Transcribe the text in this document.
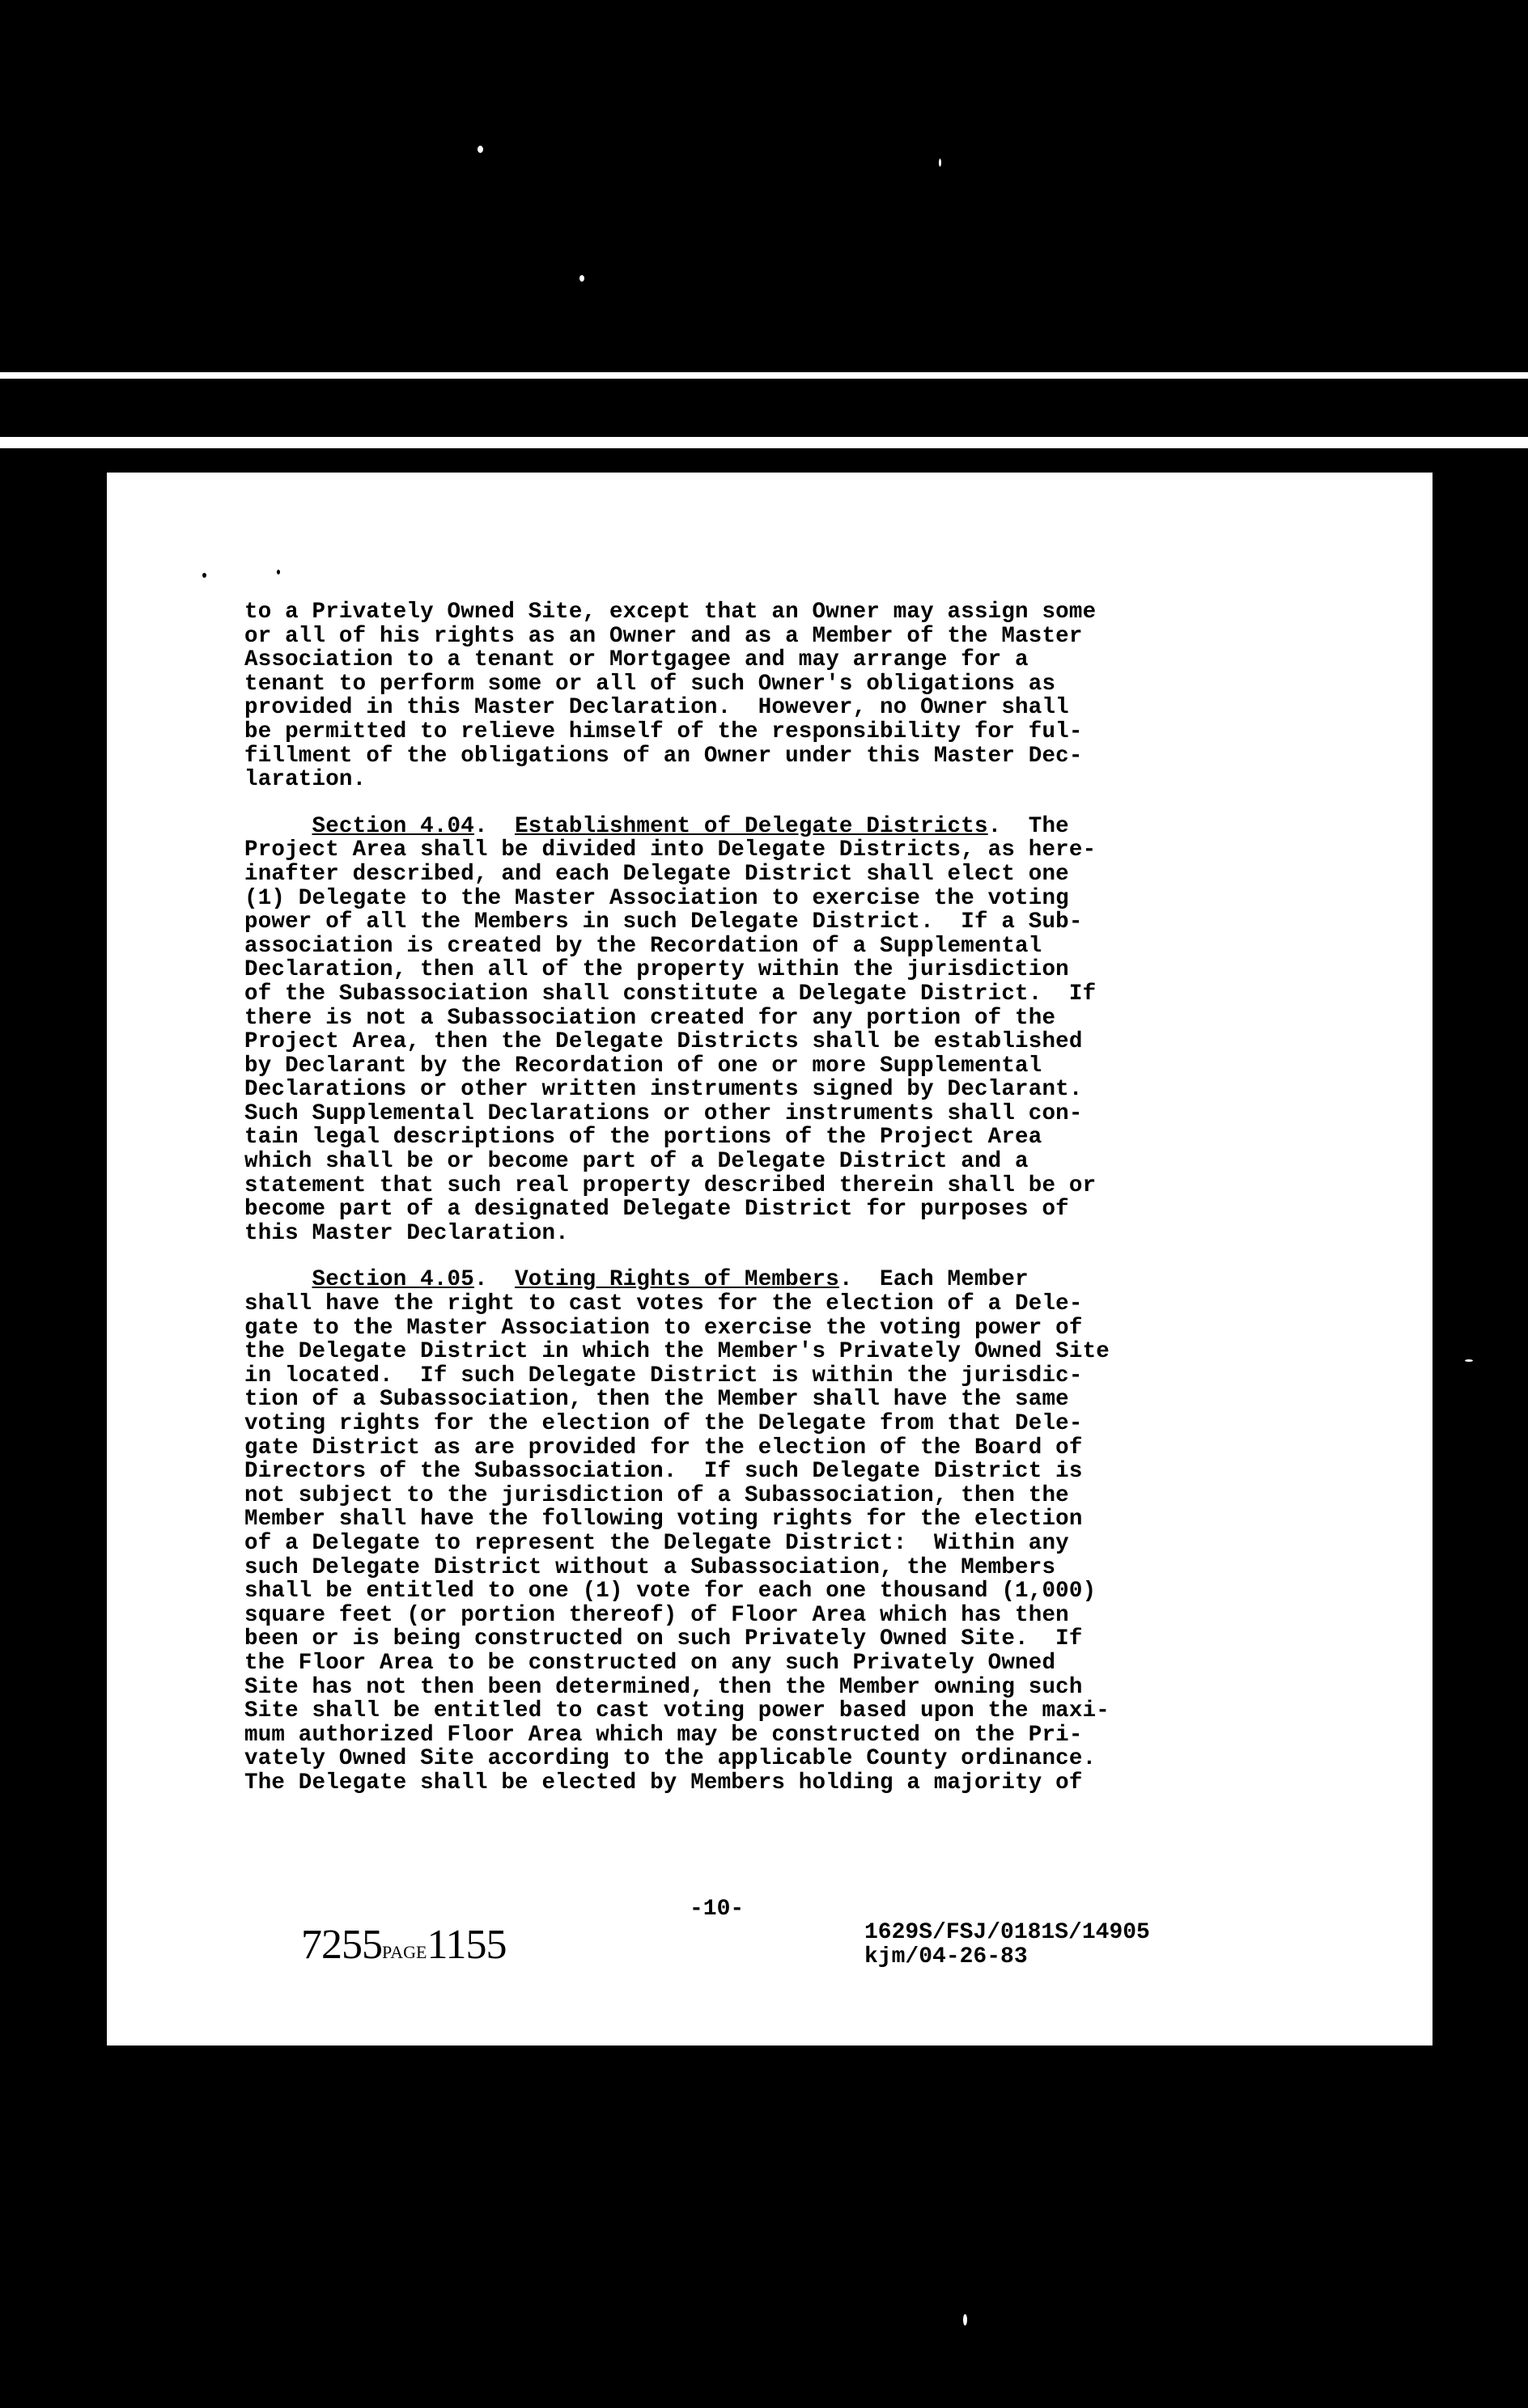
to a Privately Owned Site, except that an Owner may assign some
or all of his rights as an Owner and as a Member of the Master
Association to a tenant or Mortgagee and may arrange for a
tenant to perform some or all of such Owner's obligations as
provided in this Master Declaration.  However, no Owner shall
be permitted to relieve himself of the responsibility for ful-
fillment of the obligations of an Owner under this Master Dec-
laration.
Section 4.04.  Establishment of Delegate Districts.  The
Project Area shall be divided into Delegate Districts, as here-
inafter described, and each Delegate District shall elect one
(1) Delegate to the Master Association to exercise the voting
power of all the Members in such Delegate District.  If a Sub-
association is created by the Recordation of a Supplemental
Declaration, then all of the property within the jurisdiction
of the Subassociation shall constitute a Delegate District.  If
there is not a Subassociation created for any portion of the
Project Area, then the Delegate Districts shall be established
by Declarant by the Recordation of one or more Supplemental
Declarations or other written instruments signed by Declarant.
Such Supplemental Declarations or other instruments shall con-
tain legal descriptions of the portions of the Project Area
which shall be or become part of a Delegate District and a
statement that such real property described therein shall be or
become part of a designated Delegate District for purposes of
this Master Declaration.
Section 4.05.  Voting Rights of Members.  Each Member
shall have the right to cast votes for the election of a Dele-
gate to the Master Association to exercise the voting power of
the Delegate District in which the Member's Privately Owned Site
in located.  If such Delegate District is within the jurisdic-
tion of a Subassociation, then the Member shall have the same
voting rights for the election of the Delegate from that Dele-
gate District as are provided for the election of the Board of
Directors of the Subassociation.  If such Delegate District is
not subject to the jurisdiction of a Subassociation, then the
Member shall have the following voting rights for the election
of a Delegate to represent the Delegate District:  Within any
such Delegate District without a Subassociation, the Members
shall be entitled to one (1) vote for each one thousand (1,000)
square feet (or portion thereof) of Floor Area which has then
been or is being constructed on such Privately Owned Site.  If
the Floor Area to be constructed on any such Privately Owned
Site has not then been determined, then the Member owning such
Site shall be entitled to cast voting power based upon the maxi-
mum authorized Floor Area which may be constructed on the Pri-
vately Owned Site according to the applicable County ordinance.
The Delegate shall be elected by Members holding a majority of
-10-
7255PAGE1155	1629S/FSJ/0181S/14905
kjm/04-26-83
